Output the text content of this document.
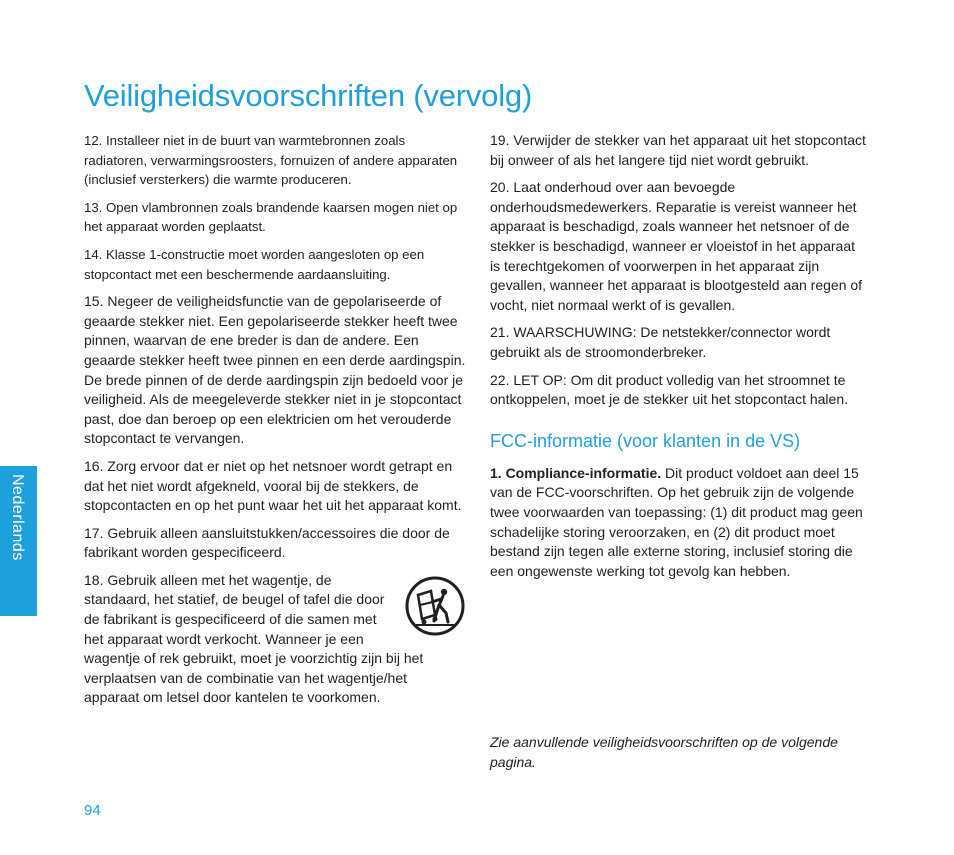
Veiligheidsvoorschriften (vervolg)

12. Installeer niet in de buurt van warmtebronnen zoals radiatoren, verwarmingsroosters, fornuizen of andere apparaten (inclusief versterkers) die warmte produceren.

13. Open vlambronnen zoals brandende kaarsen mogen niet op het apparaat worden geplaatst.

14. Klasse 1-constructie moet worden aangesloten op een stopcontact met een beschermende aardaansluiting.

15. Negeer de veiligheidsfunctie van de gepolariseerde of geaarde stekker niet. Een gepolariseerde stekker heeft twee pinnen, waarvan de ene breder is dan de andere. Een geaarde stekker heeft twee pinnen en een derde aardingspin. De brede pinnen of de derde aardingspin zijn bedoeld voor je veiligheid. Als de meegeleverde stekker niet in je stopcontact past, doe dan beroep op een elektricien om het verouderde stopcontact te vervangen.

16. Zorg ervoor dat er niet op het netsnoer wordt getrapt en dat het niet wordt afgekneld, vooral bij de stekkers, de stopcontacten en op het punt waar het uit het apparaat komt.

17. Gebruik alleen aansluitstukken/accessoires die door de fabrikant worden gespecificeerd.

18. Gebruik alleen met het wagentje, de standaard, het statief, de beugel of tafel die door de fabrikant is gespecificeerd of die samen met het apparaat wordt verkocht. Wanneer je een wagentje of rek gebruikt, moet je voorzichtig zijn bij het verplaatsen van de combinatie van het wagentje/het apparaat om letsel door kantelen te voorkomen.

19. Verwijder de stekker van het apparaat uit het stopcontact bij onweer of als het langere tijd niet wordt gebruikt.

20. Laat onderhoud over aan bevoegde onderhoudsmedewerkers. Reparatie is vereist wanneer het apparaat is beschadigd, zoals wanneer het netsnoer of de stekker is beschadigd, wanneer er vloeistof in het apparaat is terechtgekomen of voorwerpen in het apparaat zijn gevallen, wanneer het apparaat is blootgesteld aan regen of vocht, niet normaal werkt of is gevallen.

21. WAARSCHUWING: De netstekker/connector wordt gebruikt als de stroomonderbreker.

22. LET OP: Om dit product volledig van het stroomnet te ontkoppelen, moet je de stekker uit het stopcontact halen.

FCC-informatie (voor klanten in de VS)

1. Compliance-informatie. Dit product voldoet aan deel 15 van de FCC-voorschriften. Op het gebruik zijn de volgende twee voorwaarden van toepassing: (1) dit product mag geen schadelijke storing veroorzaken, en (2) dit product moet bestand zijn tegen alle externe storing, inclusief storing die een ongewenste werking tot gevolg kan hebben.

Zie aanvullende veiligheidsvoorschriften op de volgende pagina.

Nederlands
94
